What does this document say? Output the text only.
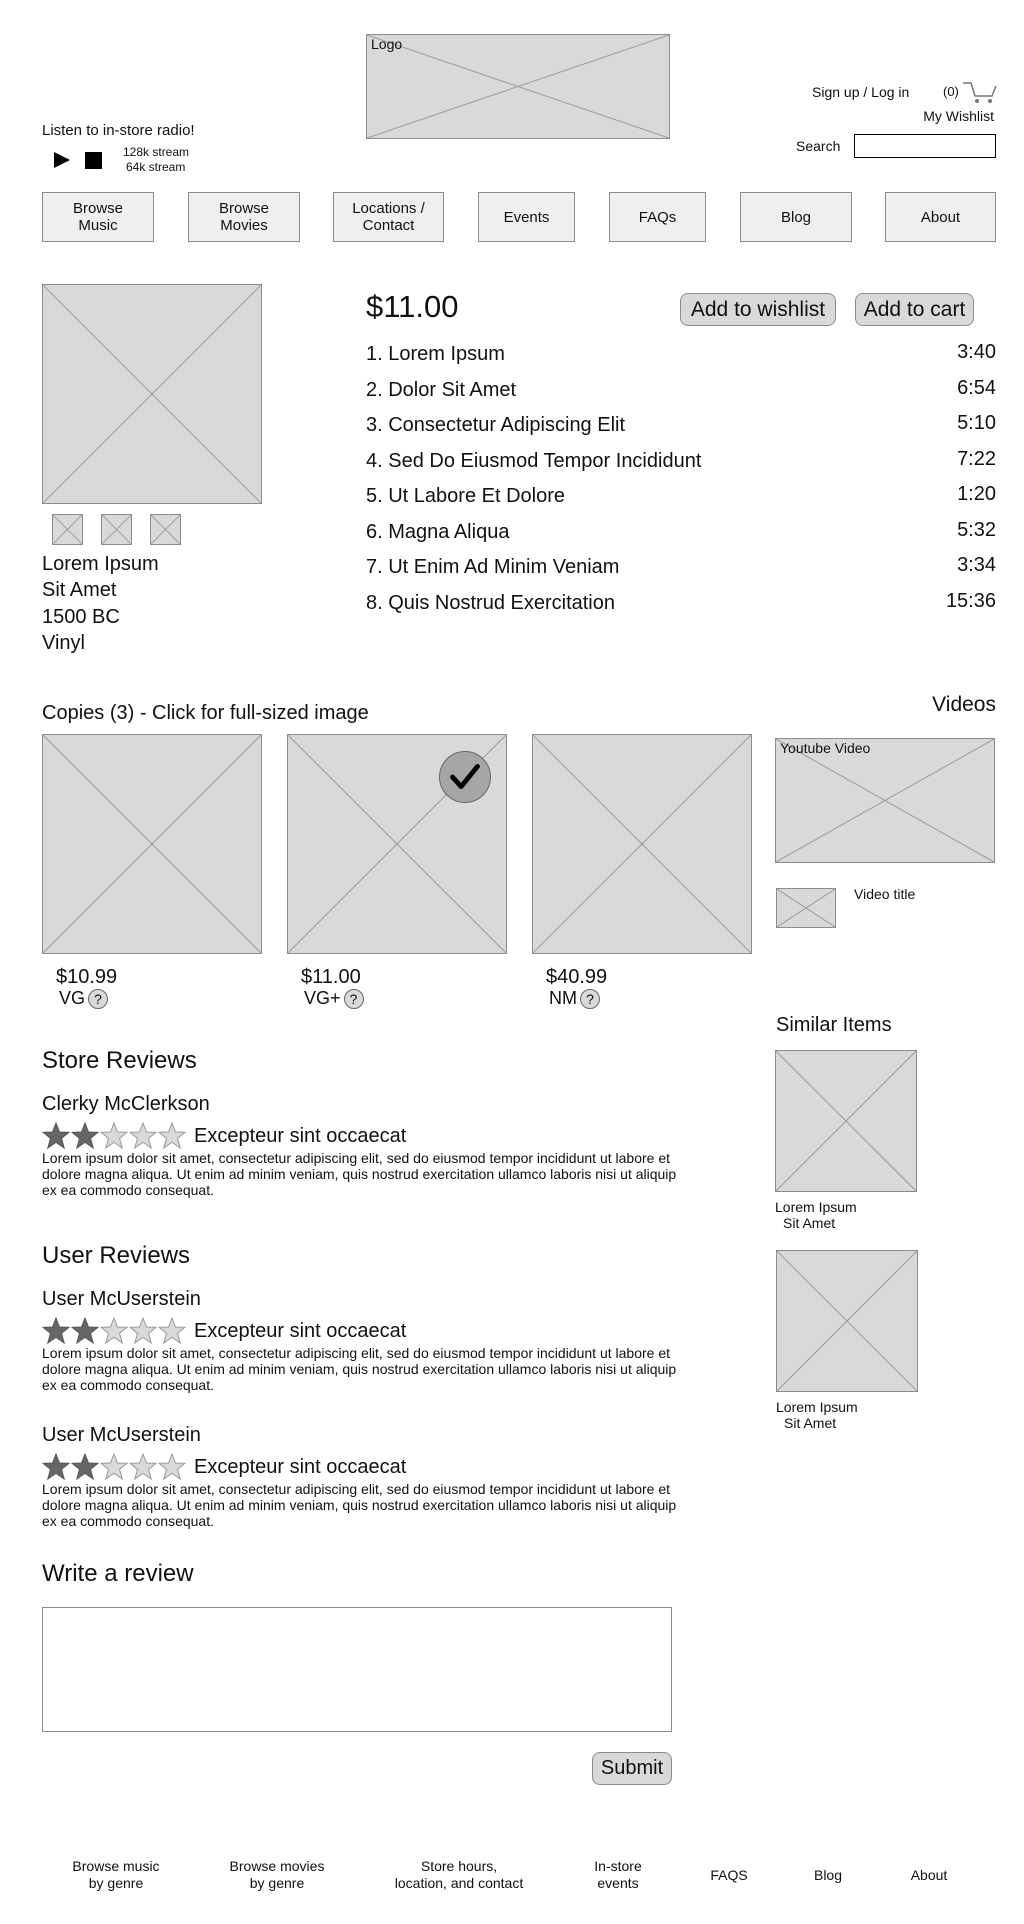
Logo
Listen to in-store radio!
128k stream
64k stream
Sign up / Log in	(0)
My Wishlist
Search
Browse
Music
Browse
Movies
Locations /
Contact	Events	FAQs	Blog	About
Lorem Ipsum
Sit Amet
1500 BC
Vinyl
$11.00	Add to wishlist	Add to cart
1. Lorem Ipsum	3:40
2. Dolor Sit Amet	6:54
3. Consectetur Adipiscing Elit	5:10
4. Sed Do Eiusmod Tempor Incididunt	7:22
5. Ut Labore Et Dolore	1:20
6. Magna Aliqua	5:32
7. Ut Enim Ad Minim Veniam	3:34
8. Quis Nostrud Exercitation	15:36
Copies (3) - Click for full-sized image
$10.99
VG ?
$11.00
VG+ ?
$40.99
NM ?
Videos
Youtube Video
Video title
Similar Items
Lorem Ipsum
Sit Amet
Lorem Ipsum
Sit Amet
Store Reviews
Clerky McClerkson
Excepteur sint occaecat
Lorem ipsum dolor sit amet, consectetur adipiscing elit, sed do eiusmod tempor incididunt ut labore et dolore magna aliqua. Ut enim ad minim veniam, quis nostrud exercitation ullamco laboris nisi ut aliquip ex ea commodo consequat.
User Reviews
User McUserstein
Excepteur sint occaecat
Lorem ipsum dolor sit amet, consectetur adipiscing elit, sed do eiusmod tempor incididunt ut labore et dolore magna aliqua. Ut enim ad minim veniam, quis nostrud exercitation ullamco laboris nisi ut aliquip ex ea commodo consequat.
User McUserstein
Excepteur sint occaecat
Lorem ipsum dolor sit amet, consectetur adipiscing elit, sed do eiusmod tempor incididunt ut labore et dolore magna aliqua. Ut enim ad minim veniam, quis nostrud exercitation ullamco laboris nisi ut aliquip ex ea commodo consequat.
Write a review
Submit
Browse music
by genre
Browse movies
by genre
Store hours,
location, and contact
In-store
events	FAQS	Blog	About
